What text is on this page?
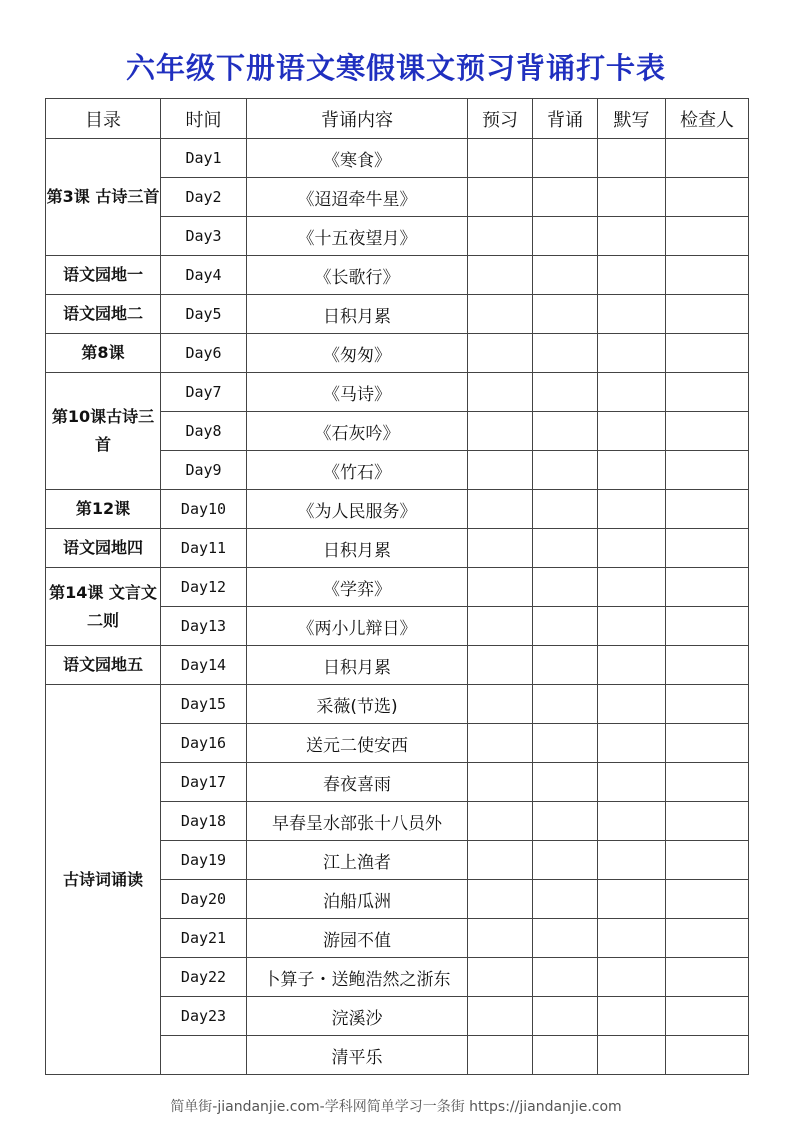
六年级下册语文寒假课文预习背诵打卡表
目录	时间	背诵内容	预习	背诵	默写	检查人
第3课 古诗三首	Day1	《寒食》				
	Day2	《迢迢牵牛星》				
	Day3	《十五夜望月》				
语文园地一	Day4	《长歌行》				
语文园地二	Day5	日积月累				
第8课	Day6	《匆匆》				
第10课古诗三首	Day7	《马诗》				
	Day8	《石灰吟》				
	Day9	《竹石》				
第12课	Day10	《为人民服务》				
语文园地四	Day11	日积月累				
第14课 文言文二则	Day12	《学弈》				
	Day13	《两小儿辩日》				
语文园地五	Day14	日积月累				
古诗词诵读	Day15	采薇(节选)				
	Day16	送元二使安西				
	Day17	春夜喜雨				
	Day18	早春呈水部张十八员外				
	Day19	江上渔者				
	Day20	泊船瓜洲				
	Day21	游园不值				
	Day22	卜算子・送鲍浩然之浙东				
	Day23	浣溪沙				
		清平乐				
简单街-jiandanjie.com-学科网简单学习一条街 https://jiandanjie.com
